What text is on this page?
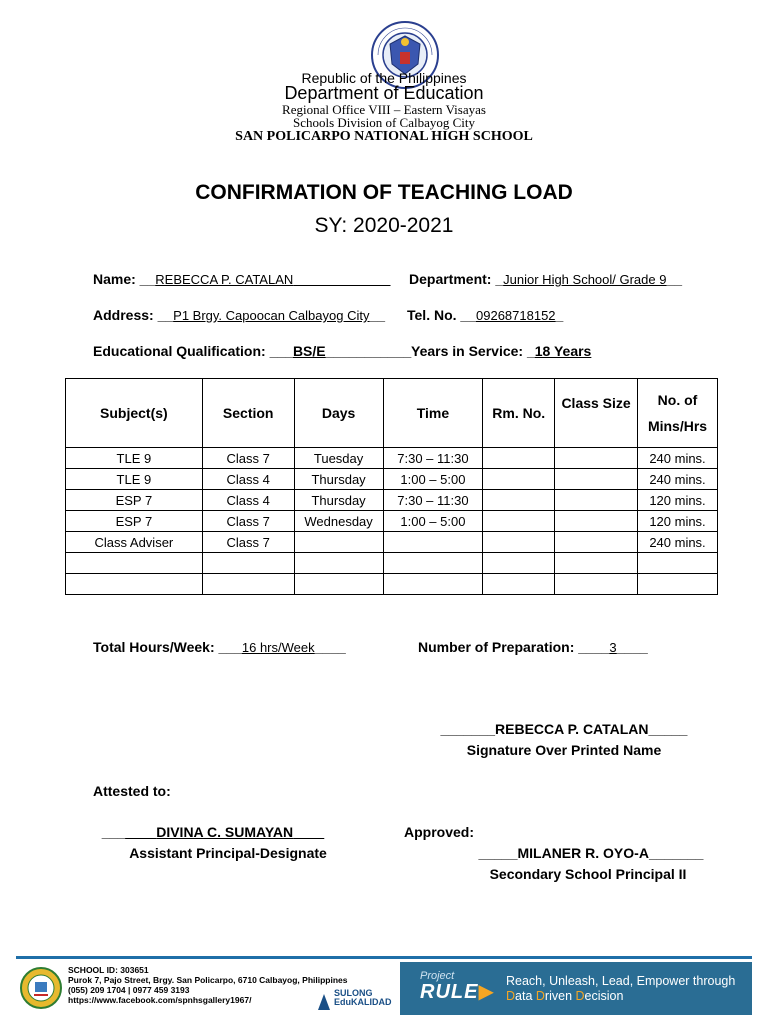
Republic of the Philippines
Department of Education
Regional Office VIII – Eastern Visayas
Schools Division of Calbayog City
SAN POLICARPO NATIONAL HIGH SCHOOL
CONFIRMATION OF TEACHING LOAD
SY: 2020-2021
Name: __REBECCA P. CATALAN	Department: _Junior High School/ Grade 9__
Address: __P1 Brgy. Capoocan Calbayog City__ Tel. No. __09268718152_
Educational Qualification: ___BS/E___________ Years in Service: _18 Years
Subject(s)	Section	Days	Time	Rm. No.	Class Size	No. of
Mins/Hrs
TLE 9	Class 7	Tuesday	7:30 – 11:30			240 mins.
TLE 9	Class 4	Thursday	1:00 – 5:00			240 mins.
ESP 7	Class 4	Thursday	7:30 – 11:30			120 mins.
ESP 7	Class 7	Wednesday	1:00 – 5:00			120 mins.
Class Adviser	Class 7					240 mins.

Total Hours/Week: ___16 hrs/Week____	Number of Preparation: ____3____
_______REBECCA P. CATALAN_____
Signature Over Printed Name
Attested to:
___ DIVINA C. SUMAYAN
Assistant Principal-Designate
Approved:
_____MILANER R. OYO-A_______
Secondary School Principal II
SCHOOL ID: 303651
Purok 7, Pajo Street, Brgy. San Policarpo, 6710 Calbayog, Philippines
(055) 209 1704 | 0977 459 3193
https://www.facebook.com/spnhsgallery1967/
SULONG
EduKALIDAD
Project
RULE▶ Reach, Unleash, Lead, Empower through
Data Driven Decision
